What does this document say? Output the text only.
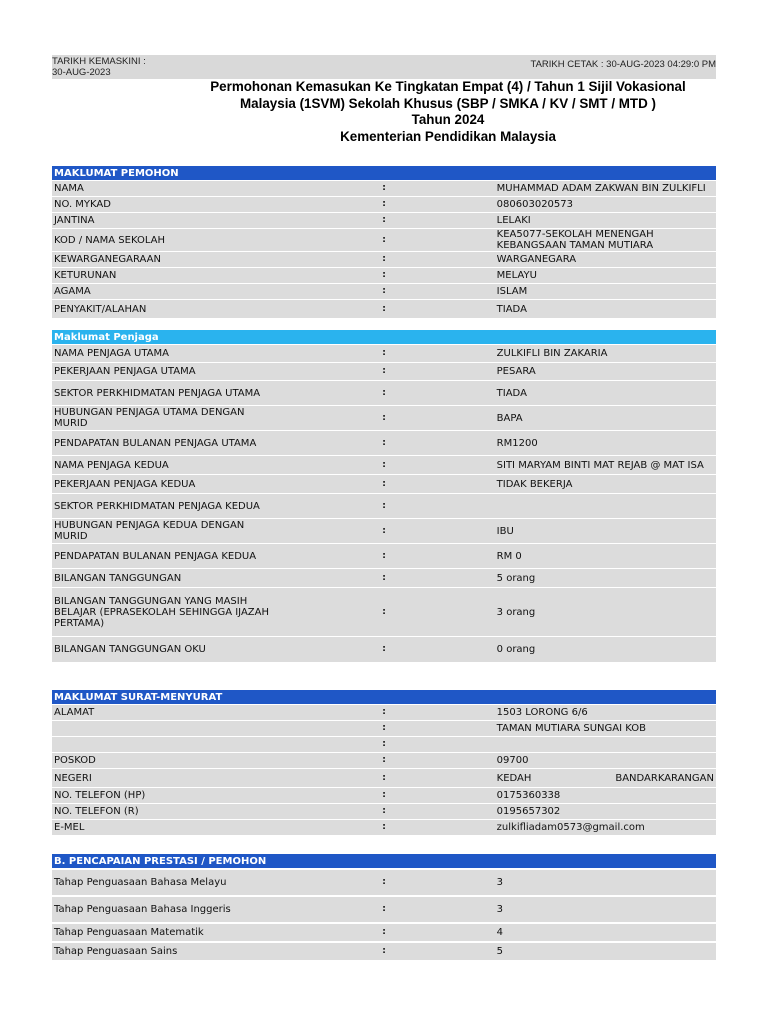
TARIKH KEMASKINI :
30-AUG-2023
TARIKH CETAK : 30-AUG-2023 04:29:0 PM
Permohonan Kemasukan Ke Tingkatan Empat (4) / Tahun 1 Sijil Vokasional
Malaysia (1SVM) Sekolah Khusus (SBP / SMKA / KV / SMT / MTD )
Tahun 2024
Kementerian Pendidikan Malaysia
MAKLUMAT PEMOHON		
NAMA	:	MUHAMMAD ADAM ZAKWAN BIN ZULKIFLI
NO. MYKAD	:	080603020573
JANTINA	:	LELAKI
KOD / NAMA SEKOLAH	:	KEA5077-SEKOLAH MENENGAH KEBANGSAAN TAMAN MUTIARA
KEWARGANEGARAAN	:	WARGANEGARA
KETURUNAN	:	MELAYU
AGAMA	:	ISLAM
PENYAKIT/ALAHAN	:	TIADA
Maklumat Penjaga		
NAMA PENJAGA UTAMA	:	ZULKIFLI BIN ZAKARIA
PEKERJAAN PENJAGA UTAMA	:	PESARA
SEKTOR PERKHIDMATAN PENJAGA UTAMA	:	TIADA
HUBUNGAN PENJAGA UTAMA DENGAN MURID	:	BAPA
PENDAPATAN BULANAN PENJAGA UTAMA	:	RM1200
NAMA PENJAGA KEDUA	:	SITI MARYAM BINTI MAT REJAB @ MAT ISA
PEKERJAAN PENJAGA KEDUA	:	TIDAK BEKERJA
SEKTOR PERKHIDMATAN PENJAGA KEDUA	:	
HUBUNGAN PENJAGA KEDUA DENGAN MURID	:	IBU
PENDAPATAN BULANAN PENJAGA KEDUA	:	RM 0
BILANGAN TANGGUNGAN	:	5 orang
BILANGAN TANGGUNGAN YANG MASIH BELAJAR (EPRASEKOLAH SEHINGGA IJAZAH PERTAMA)	:	3 orang
BILANGAN TANGGUNGAN OKU	:	0 orang
MAKLUMAT SURAT-MENYURAT		
ALAMAT	:	1503 LORONG 6/6
	:	TAMAN MUTIARA SUNGAI KOB
	:	
POSKOD	:	09700
NEGERI	:	KEDAH BANDAR KARANGAN

NO. TELEFON (HP)	:	0175360338
NO. TELEFON (R)	:	0195657302
E-MEL	:	zulkifliadam0573@gmail.com
B. PENCAPAIAN PRESTASI / PEMOHON		
Tahap Penguasaan Bahasa Melayu	:	3
Tahap Penguasaan Bahasa Inggeris	:	3
Tahap Penguasaan Matematik	:	4
Tahap Penguasaan Sains	:	5
